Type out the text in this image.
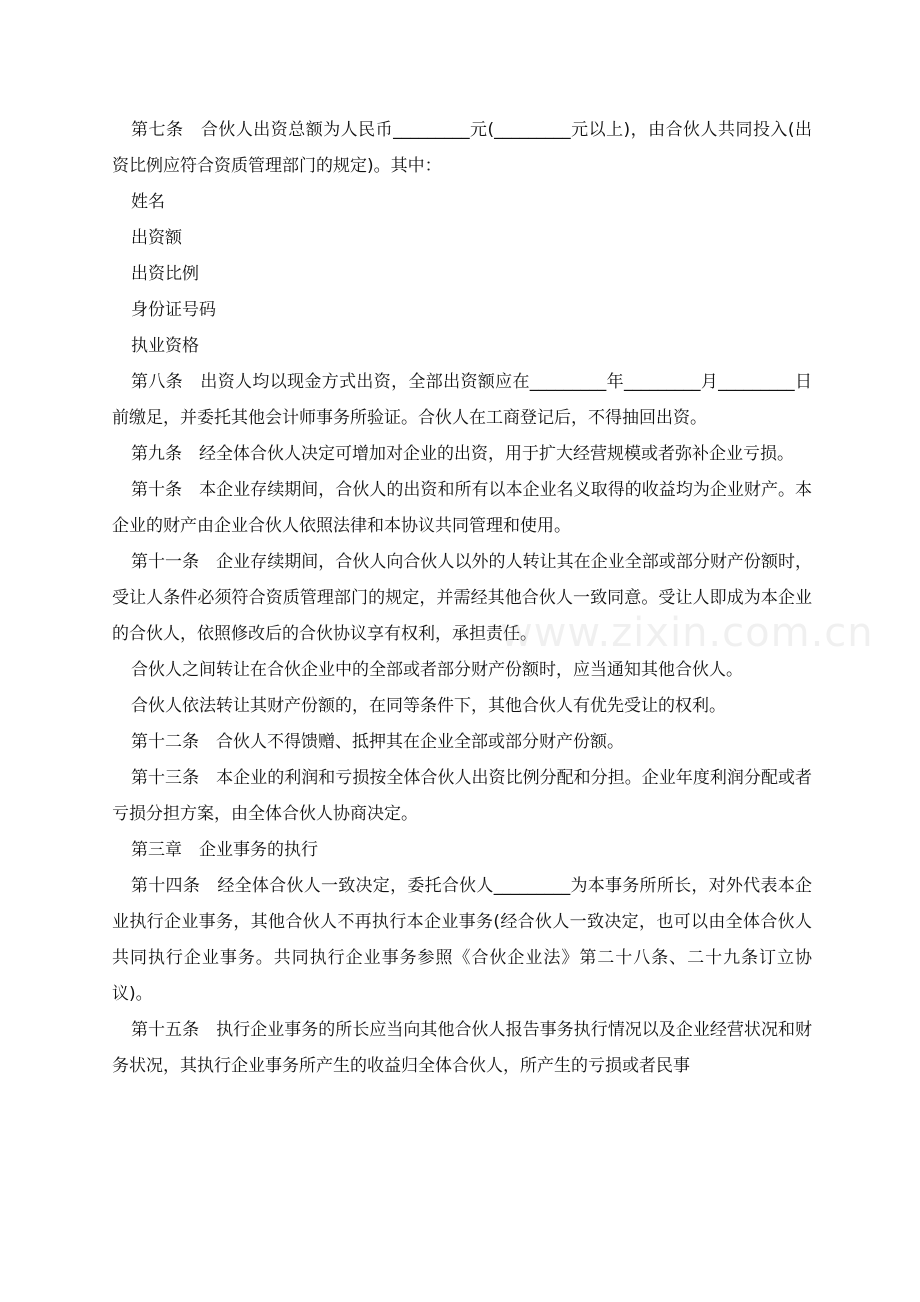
第七条　合伙人出资总额为人民币_________元(_________元以上)，由合伙人共同投入(出资比例应符合资质管理部门的规定)。其中：

姓名

出资额

出资比例

身份证号码

执业资格

第八条　出资人均以现金方式出资，全部出资额应在_________年_________月_________日前缴足，并委托其他会计师事务所验证。合伙人在工商登记后，不得抽回出资。

第九条　经全体合伙人决定可增加对企业的出资，用于扩大经营规模或者弥补企业亏损。

第十条　本企业存续期间，合伙人的出资和所有以本企业名义取得的收益均为企业财产。本企业的财产由企业合伙人依照法律和本协议共同管理和使用。

第十一条　企业存续期间，合伙人向合伙人以外的人转让其在企业全部或部分财产份额时，受让人条件必须符合资质管理部门的规定，并需经其他合伙人一致同意。受让人即成为本企业的合伙人，依照修改后的合伙协议享有权利，承担责任。

合伙人之间转让在合伙企业中的全部或者部分财产份额时，应当通知其他合伙人。

合伙人依法转让其财产份额的，在同等条件下，其他合伙人有优先受让的权利。

第十二条　合伙人不得馈赠、抵押其在企业全部或部分财产份额。

第十三条　本企业的利润和亏损按全体合伙人出资比例分配和分担。企业年度利润分配或者亏损分担方案，由全体合伙人协商决定。

第三章　企业事务的执行

第十四条　经全体合伙人一致决定，委托合伙人_________为本事务所所长，对外代表本企业执行企业事务，其他合伙人不再执行本企业事务(经合伙人一致决定，也可以由全体合伙人共同执行企业事务。共同执行企业事务参照《合伙企业法》第二十八条、二十九条订立协议)。

第十五条　执行企业事务的所长应当向其他合伙人报告事务执行情况以及企业经营状况和财务状况，其执行企业事务所产生的收益归全体合伙人，所产生的亏损或者民事

www.zixin.com.cn
